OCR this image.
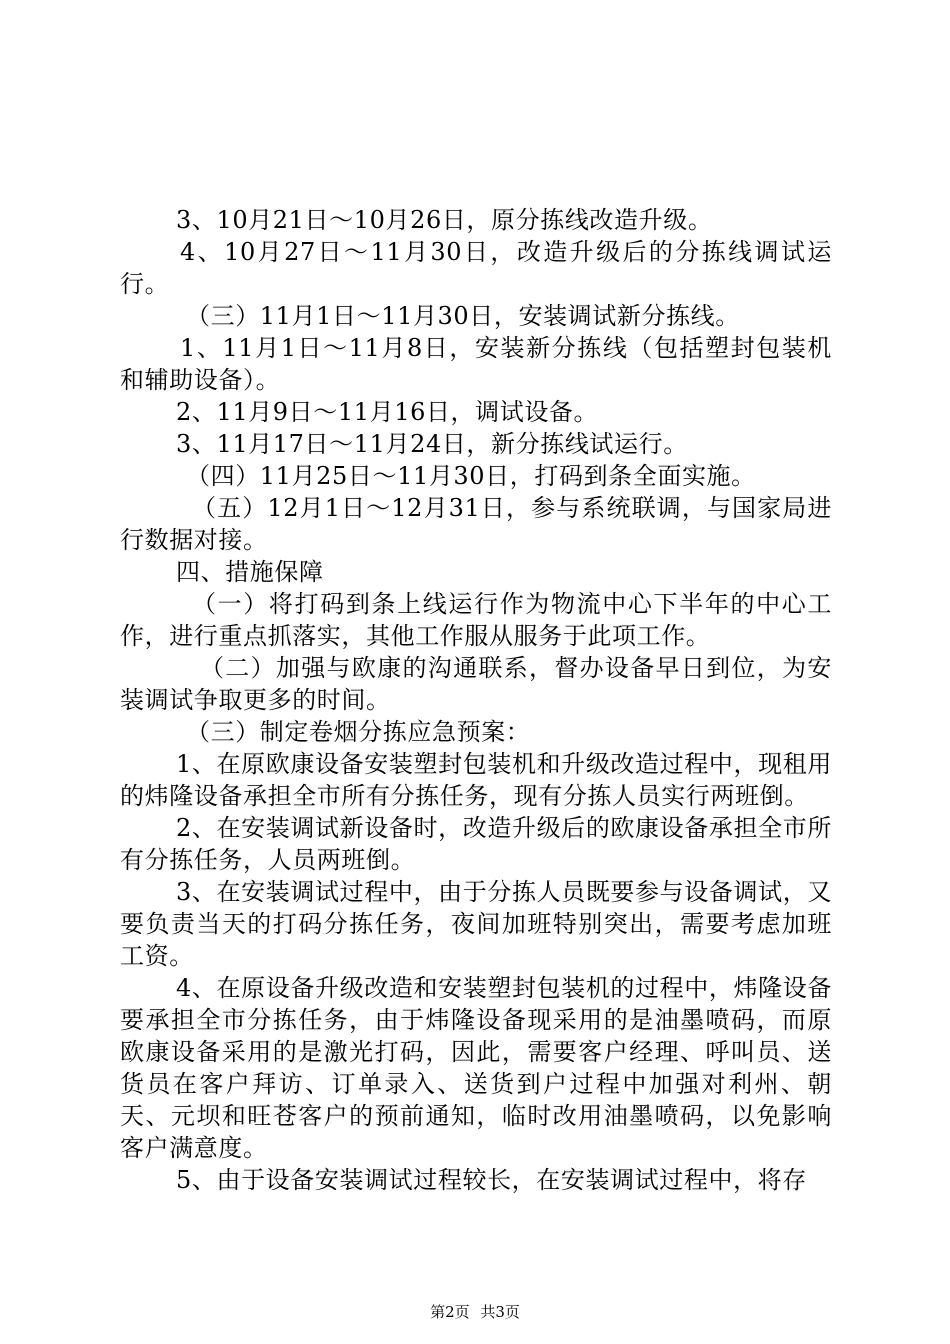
3、10月21日～10月26日，原分拣线改造升级。

4、10月27日～11月30日，改造升级后的分拣线调试运行。

（三）11月1日～11月30日，安装调试新分拣线。

1、11月1日～11月8日，安装新分拣线（包括塑封包装机和辅助设备）。

2、11月9日～11月16日，调试设备。

3、11月17日～11月24日，新分拣线试运行。

（四）11月25日～11月30日，打码到条全面实施。

（五）12月1日～12月31日，参与系统联调，与国家局进行数据对接。

四、措施保障

（一）将打码到条上线运行作为物流中心下半年的中心工作，进行重点抓落实，其他工作服从服务于此项工作。

（二）加强与欧康的沟通联系，督办设备早日到位，为安装调试争取更多的时间。

（三）制定卷烟分拣应急预案：

1、在原欧康设备安装塑封包装机和升级改造过程中，现租用的炜隆设备承担全市所有分拣任务，现有分拣人员实行两班倒。

2、在安装调试新设备时，改造升级后的欧康设备承担全市所有分拣任务，人员两班倒。

3、在安装调试过程中，由于分拣人员既要参与设备调试，又要负责当天的打码分拣任务，夜间加班特别突出，需要考虑加班工资。

4、在原设备升级改造和安装塑封包装机的过程中，炜隆设备要承担全市分拣任务，由于炜隆设备现采用的是油墨喷码，而原欧康设备采用的是激光打码，因此，需要客户经理、呼叫员、送货员在客户拜访、订单录入、送货到户过程中加强对利州、朝天、元坝和旺苍客户的预前通知，临时改用油墨喷码，以免影响客户满意度。

5、由于设备安装调试过程较长，在安装调试过程中，将存

第2页 共3页
